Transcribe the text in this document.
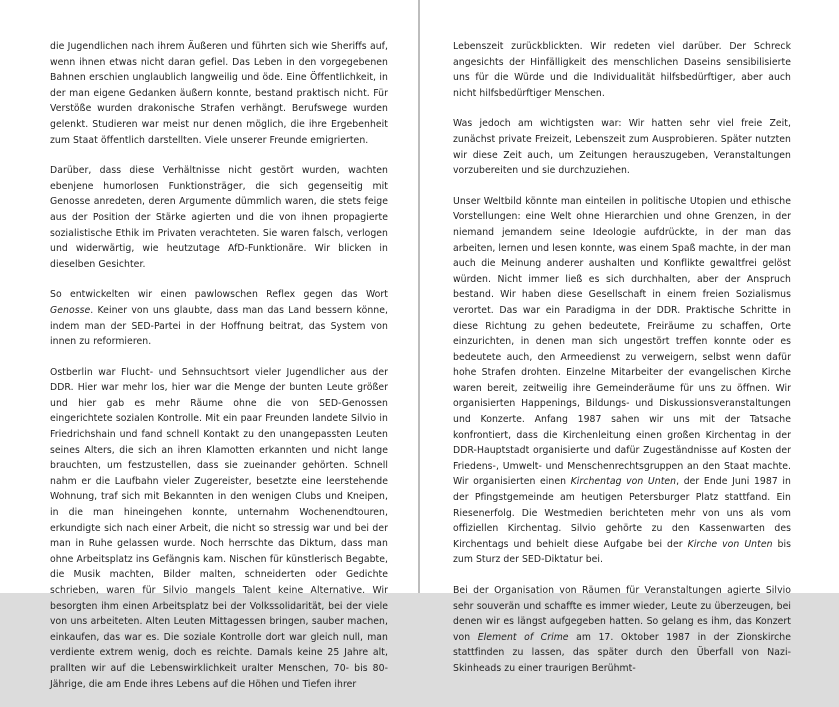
die Jugendlichen nach ihrem Äußeren und führten sich wie Sheriffs auf, wenn ihnen etwas nicht daran gefiel. Das Leben in den vorgegebenen Bahnen erschien unglaublich langweilig und öde. Eine Öffentlichkeit, in der man eigene Gedanken äußern konnte, bestand praktisch nicht. Für Verstöße wurden drakonische Strafen verhängt. Berufswege wurden gelenkt. Studieren war meist nur denen möglich, die ihre Ergebenheit zum Staat öffentlich darstellten. Viele unserer Freunde emigrierten.

Darüber, dass diese Verhältnisse nicht gestört wurden, wachten ebenjene humorlosen Funktionsträger, die sich gegenseitig mit Genosse anredeten, deren Argumente dümmlich waren, die stets feige aus der Position der Stärke agierten und die von ihnen propagierte sozialistische Ethik im Privaten verachteten. Sie waren falsch, verlogen und widerwärtig, wie heutzutage AfD-Funktionäre. Wir blicken in dieselben Gesichter.

So entwickelten wir einen pawlowschen Reflex gegen das Wort Genosse. Keiner von uns glaubte, dass man das Land bessern könne, indem man der SED-Partei in der Hoffnung beitrat, das System von innen zu reformieren.

Ostberlin war Flucht- und Sehnsuchtsort vieler Jugendlicher aus der DDR. Hier war mehr los, hier war die Menge der bunten Leute größer und hier gab es mehr Räume ohne die von SED-Genossen eingerichtete sozialen Kontrolle. Mit ein paar Freunden landete Silvio in Friedrichshain und fand schnell Kontakt zu den unangepassten Leuten seines Alters, die sich an ihren Klamotten erkannten und nicht lange brauchten, um festzustellen, dass sie zueinander gehörten. Schnell nahm er die Laufbahn vieler Zugereister, besetzte eine leerstehende Wohnung, traf sich mit Bekannten in den wenigen Clubs und Kneipen, in die man hineingehen konnte, unternahm Wochenendtouren, erkundigte sich nach einer Arbeit, die nicht so stressig war und bei der man in Ruhe gelassen wurde. Noch herrschte das Diktum, dass man ohne Arbeitsplatz ins Gefängnis kam. Nischen für künstlerisch Begabte, die Musik machten, Bilder malten, schneiderten oder Gedichte schrieben, waren für Silvio mangels Talent keine Alternative. Wir besorgten ihm einen Arbeitsplatz bei der Volkssolidarität, bei der viele von uns arbeiteten. Alten Leuten Mittagessen bringen, sauber machen, einkaufen, das war es. Die soziale Kontrolle dort war gleich null, man verdiente extrem wenig, doch es reichte. Damals keine 25 Jahre alt, prallten wir auf die Lebenswirklichkeit uralter Menschen, 70- bis 80-Jährige, die am Ende ihres Lebens auf die Höhen und Tiefen ihrer

Lebenszeit zurückblickten. Wir redeten viel darüber. Der Schreck angesichts der Hinfälligkeit des menschlichen Daseins sensibilisierte uns für die Würde und die Individualität hilfsbedürftiger, aber auch nicht hilfsbedürftiger Menschen.

Was jedoch am wichtigsten war: Wir hatten sehr viel freie Zeit, zunächst private Freizeit, Lebenszeit zum Ausprobieren. Später nutzten wir diese Zeit auch, um Zeitungen herauszugeben, Veranstaltungen vorzubereiten und sie durchzuziehen.

Unser Weltbild könnte man einteilen in politische Utopien und ethische Vorstellungen: eine Welt ohne Hierarchien und ohne Grenzen, in der niemand jemandem seine Ideologie aufdrückte, in der man das arbeiten, lernen und lesen konnte, was einem Spaß machte, in der man auch die Meinung anderer aushalten und Konflikte gewaltfrei gelöst würden. Nicht immer ließ es sich durchhalten, aber der Anspruch bestand. Wir haben diese Gesellschaft in einem freien Sozialismus verortet. Das war ein Paradigma in der DDR. Praktische Schritte in diese Richtung zu gehen bedeutete, Freiräume zu schaffen, Orte einzurichten, in denen man sich ungestört treffen konnte oder es bedeutete auch, den Armeedienst zu verweigern, selbst wenn dafür hohe Strafen drohten. Einzelne Mitarbeiter der evangelischen Kirche waren bereit, zeitweilig ihre Gemeinderäume für uns zu öffnen. Wir organisierten Happenings, Bildungs- und Diskussionsveranstaltungen und Konzerte. Anfang 1987 sahen wir uns mit der Tatsache konfrontiert, dass die Kirchenleitung einen großen Kirchentag in der DDR-Hauptstadt organisierte und dafür Zugeständnisse auf Kosten der Friedens-, Umwelt- und Menschenrechtsgruppen an den Staat machte. Wir organisierten einen Kirchentag von Unten, der Ende Juni 1987 in der Pfingstgemeinde am heutigen Petersburger Platz stattfand. Ein Riesenerfolg. Die Westmedien berichteten mehr von uns als vom offiziellen Kirchentag. Silvio gehörte zu den Kassenwarten des Kirchentags und behielt diese Aufgabe bei der Kirche von Unten bis zum Sturz der SED-Diktatur bei.

Bei der Organisation von Räumen für Veranstaltungen agierte Silvio sehr souverän und schaffte es immer wieder, Leute zu überzeugen, bei denen wir es längst aufgegeben hatten. So gelang es ihm, das Konzert von Element of Crime am 17. Oktober 1987 in der Zionskirche stattfinden zu lassen, das später durch den Überfall von Nazi-Skinheads zu einer traurigen Berühmt-
